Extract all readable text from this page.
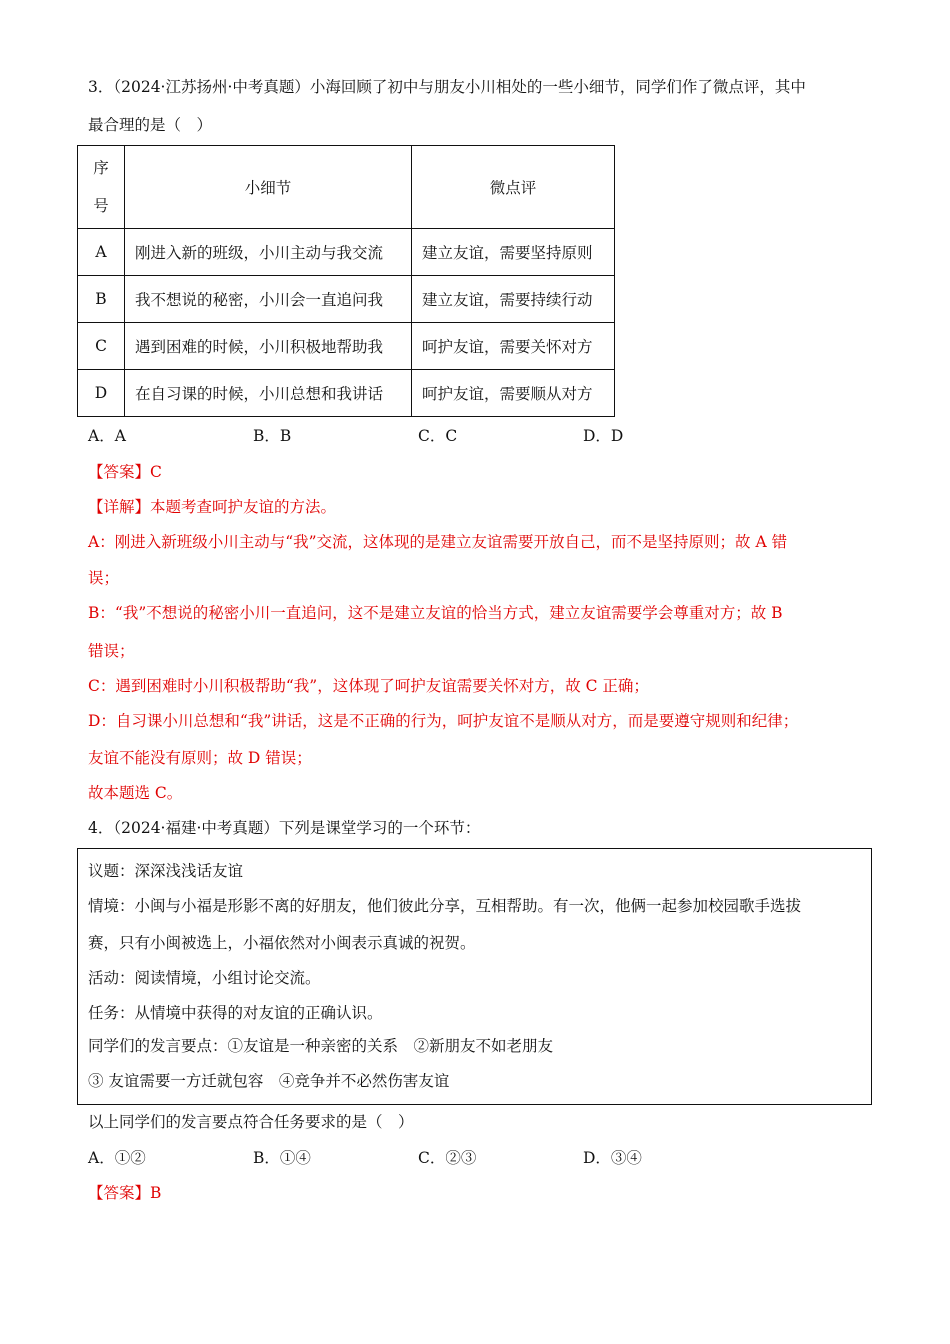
3．（2024·江苏扬州·中考真题）小海回顾了初中与朋友小川相处的一些小细节，同学们作了微点评，其中
最合理的是（　）
序
号	小细节	微点评
A	刚进入新的班级，小川主动与我交流	建立友谊，需要坚持原则
B	我不想说的秘密，小川会一直追问我	建立友谊，需要持续行动
C	遇到困难的时候，小川积极地帮助我	呵护友谊，需要关怀对方
D	在自习课的时候，小川总想和我讲话	呵护友谊，需要顺从对方
A．A	B．B	C．C	D．D
【答案】C
【详解】本题考查呵护友谊的方法。
A：刚进入新班级小川主动与“我”交流，这体现的是建立友谊需要开放自己，而不是坚持原则；故 A 错
误；
B：“我”不想说的秘密小川一直追问，这不是建立友谊的恰当方式，建立友谊需要学会尊重对方；故 B
错误；
C：遇到困难时小川积极帮助“我”，这体现了呵护友谊需要关怀对方，故 C 正确；
D：自习课小川总想和“我”讲话，这是不正确的行为，呵护友谊不是顺从对方，而是要遵守规则和纪律；
友谊不能没有原则；故 D 错误；
故本题选 C。
4．（2024·福建·中考真题）下列是课堂学习的一个环节：
议题：深深浅浅话友谊
情境：小闽与小福是形影不离的好朋友，他们彼此分享，互相帮助。有一次，他俩一起参加校园歌手选拔
赛，只有小闽被选上，小福依然对小闽表示真诚的祝贺。
活动：阅读情境，小组讨论交流。
任务：从情境中获得的对友谊的正确认识。
同学们的发言要点：①友谊是一种亲密的关系　②新朋友不如老朋友
③ 友谊需要一方迁就包容　④竞争并不必然伤害友谊
以上同学们的发言要点符合任务要求的是（　）
A．①②	B．①④	C．②③	D．③④
【答案】B
